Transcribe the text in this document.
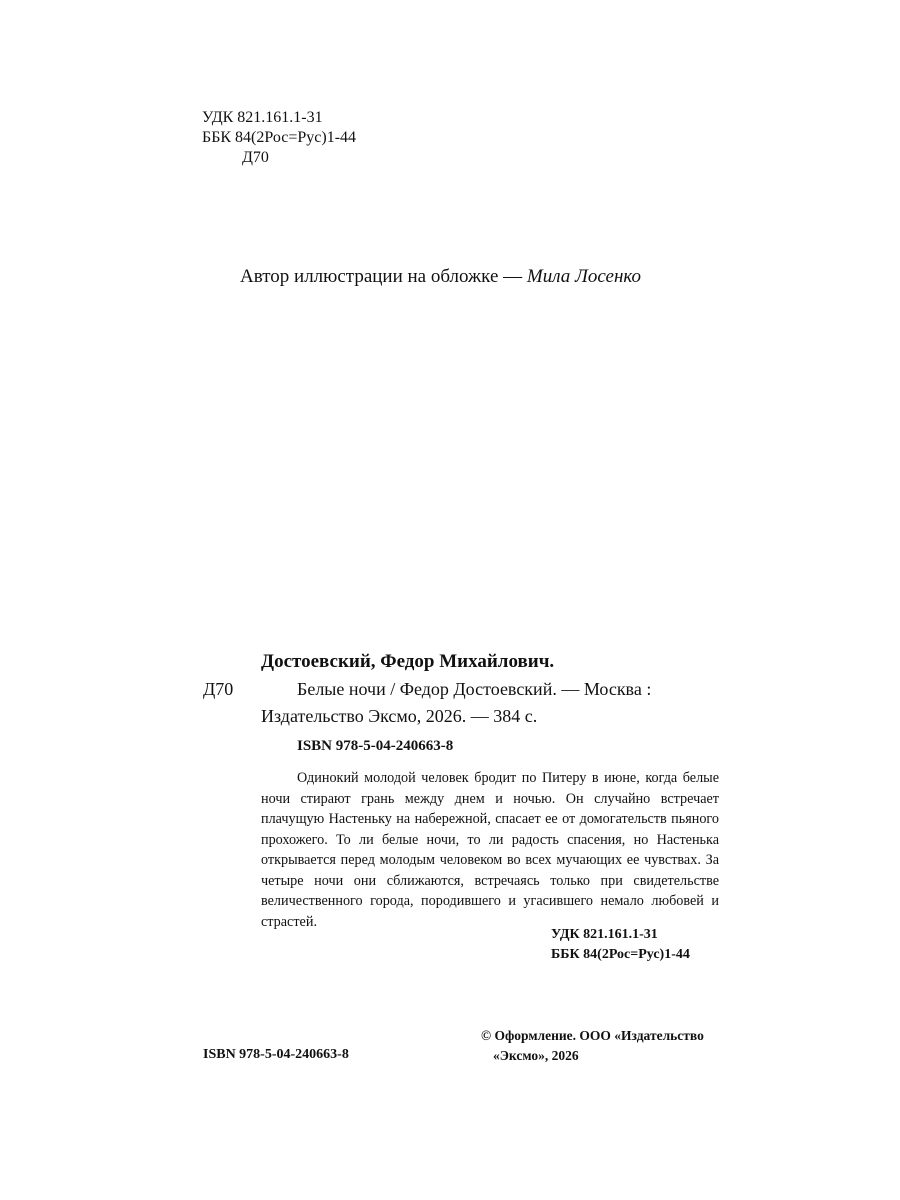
УДК 821.161.1-31
ББК 84(2Рос=Рус)1-44
Д70
Автор иллюстрации на обложке — Мила Лосенко
Достоевский, Федор Михайлович.
Д70	Белые ночи / Федор Достоевский. — Москва :
Издательство Эксмо, 2026. — 384 с.
ISBN 978-5-04-240663-8

Одинокий молодой человек бродит по Питеру в июне, когда белые ночи стирают грань между днем и ночью. Он случайно встречает плачущую Настеньку на набережной, спасает ее от домогательств пьяного прохожего. То ли белые ночи, то ли радость спасения, но Настенька открывается перед молодым человеком во всех мучающих ее чувствах. За четыре ночи они сближаются, встречаясь только при свидетельстве величественного города, породившего и угасившего немало любовей и страстей.

УДК 821.161.1-31
ББК 84(2Рос=Рус)1-44
ISBN 978-5-04-240663-8
© Оформление. ООО «Издательство
«Эксмо», 2026
